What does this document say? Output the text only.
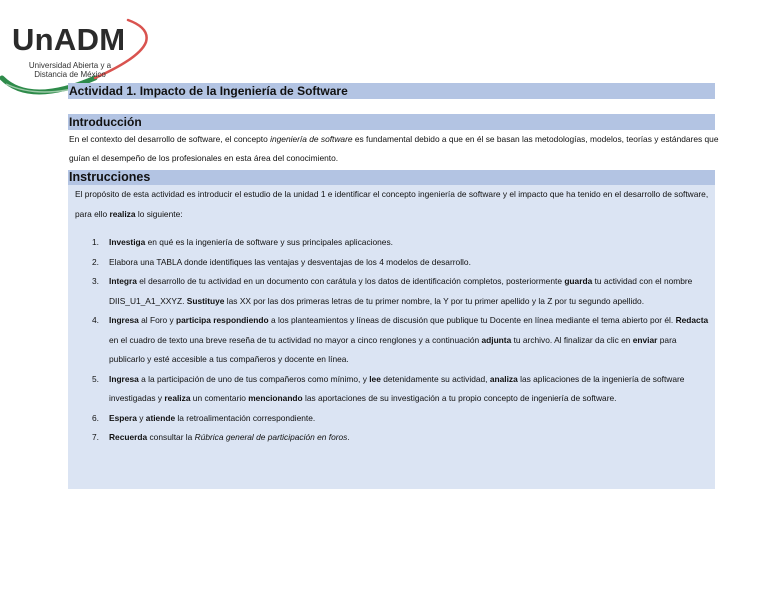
UnADM
Universidad Abierta y a Distancia de México
Actividad 1. Impacto de la Ingeniería de Software
Introducción
En el contexto del desarrollo de software, el concepto ingeniería de software es fundamental debido a que en él se basan las metodologías, modelos, teorías y estándares que guían el desempeño de los profesionales en esta área del conocimiento.
Instrucciones

El propósito de esta actividad es introducir el estudio de la unidad 1 e identificar el concepto ingeniería de software y el impacto que ha tenido en el desarrollo de software, para ello realiza lo siguiente:

1. Investiga en qué es la ingeniería de software y sus principales aplicaciones.
2. Elabora una TABLA donde identifiques las ventajas y desventajas de los 4 modelos de desarrollo.
3. Integra el desarrollo de tu actividad en un documento con carátula y los datos de identificación completos, posteriormente guarda tu actividad con el nombre DIIS_U1_A1_XXYZ. Sustituye las XX por las dos primeras letras de tu primer nombre, la Y por tu primer apellido y la Z por tu segundo apellido.
4. Ingresa al Foro y participa respondiendo a los planteamientos y líneas de discusión que publique tu Docente en línea mediante el tema abierto por él. Redacta en el cuadro de texto una breve reseña de tu actividad no mayor a cinco renglones y a continuación adjunta tu archivo. Al finalizar da clic en enviar para publicarlo y esté accesible a tus compañeros y docente en línea.
5. Ingresa a la participación de uno de tus compañeros como mínimo, y lee detenidamente su actividad, analiza las aplicaciones de la ingeniería de software investigadas y realiza un comentario mencionando las aportaciones de su investigación a tu propio concepto de ingeniería de software.
6. Espera y atiende la retroalimentación correspondiente.
7. Recuerda consultar la Rúbrica general de participación en foros.
